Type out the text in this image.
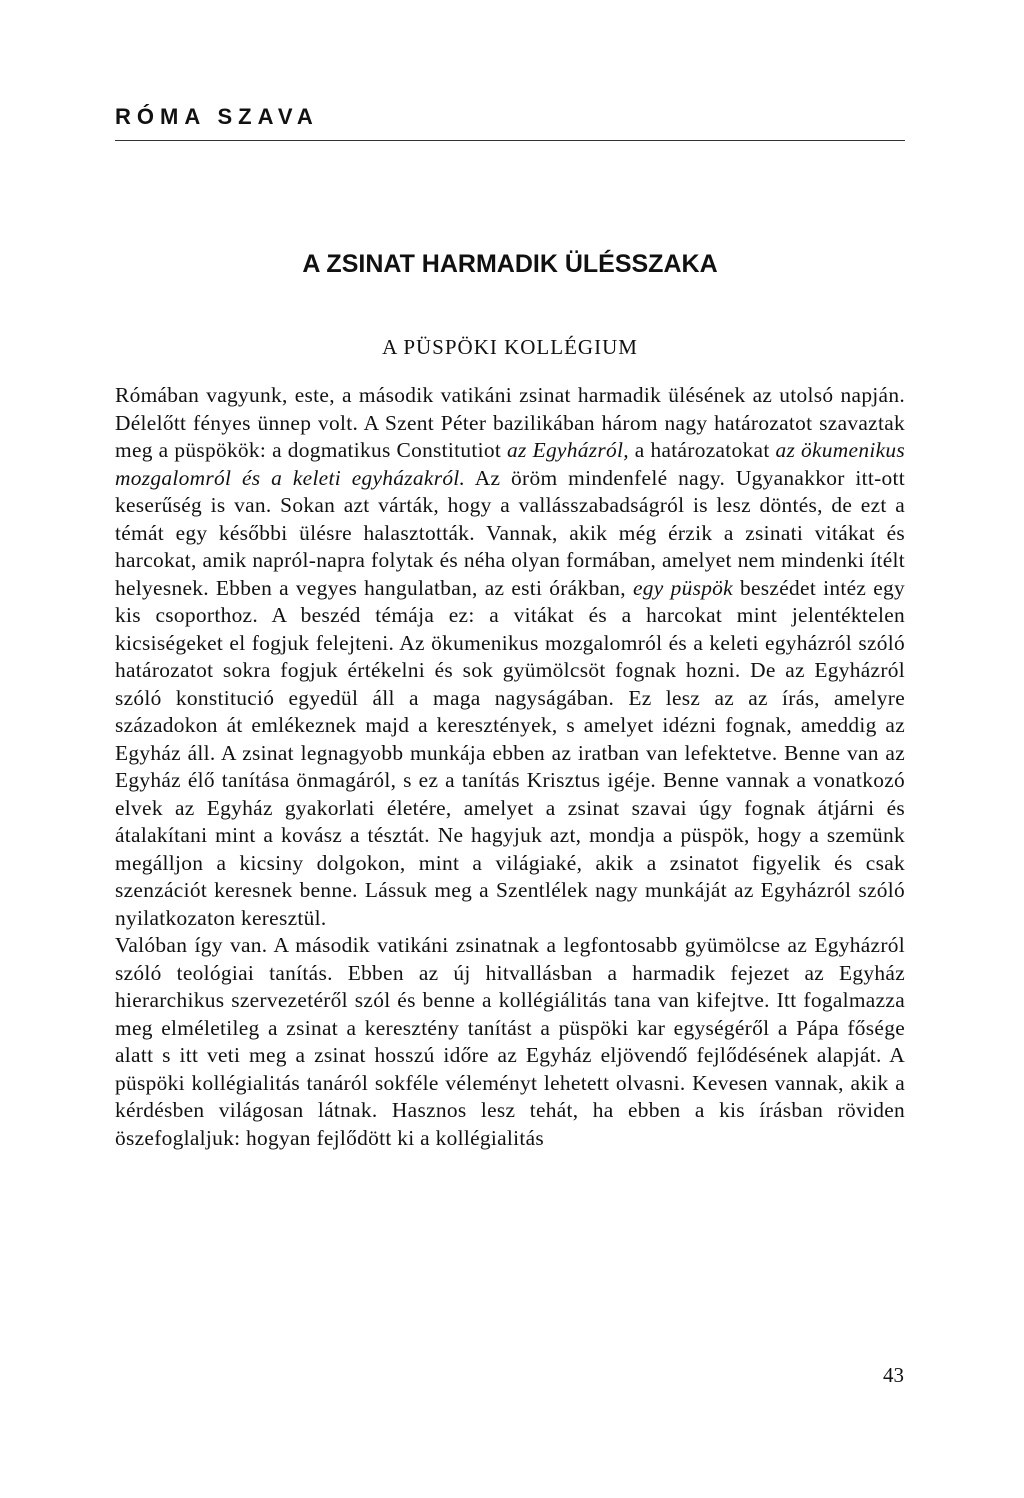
RÓMA SZAVA
A ZSINAT HARMADIK ÜLÉSSZAKA
A PÜSPÖKI KOLLÉGIUM

Rómában vagyunk, este, a második vatikáni zsinat harmadik ülésének az utolsó napján. Délelőtt fényes ünnep volt. A Szent Péter bazilikában három nagy határozatot szavaztak meg a püspökök: a dogmatikus Constitutiot az Egyházról, a határozatokat az ökumenikus mozgalomról és a keleti egyházakról. Az öröm mindenfelé nagy. Ugyanakkor itt-ott keserűség is van. Sokan azt várták, hogy a vallásszabadságról is lesz döntés, de ezt a témát egy későbbi ülésre halasztották. Vannak, akik még érzik a zsinati vitákat és harcokat, amik napról-napra folytak és néha olyan formában, amelyet nem mindenki ítélt helyesnek. Ebben a vegyes hangulatban, az esti órákban, egy püspök beszédet intéz egy kis csoporthoz. A beszéd témája ez: a vitákat és a harcokat mint jelentéktelen kicsiségeket el fogjuk felejteni. Az ökumenikus mozgalomról és a keleti egyházról szóló határozatot sokra fogjuk értékelni és sok gyümölcsöt fognak hozni. De az Egyházról szóló konstitució egyedül áll a maga nagyságában. Ez lesz az az írás, amelyre századokon át emlékeznek majd a keresztények, s amelyet idézni fognak, ameddig az Egyház áll. A zsinat legnagyobb munkája ebben az iratban van lefektetve. Benne van az Egyház élő tanítása önmagáról, s ez a tanítás Krisztus igéje. Benne vannak a vonatkozó elvek az Egyház gyakorlati életére, amelyet a zsinat szavai úgy fognak átjárni és átalakítani mint a kovász a tésztát. Ne hagyjuk azt, mondja a püspök, hogy a szemünk megálljon a kicsiny dolgokon, mint a világiaké, akik a zsinatot figyelik és csak szenzációt keresnek benne. Lássuk meg a Szentlélek nagy munkáját az Egyházról szóló nyilatkozaton keresztül.

Valóban így van. A második vatikáni zsinatnak a legfontosabb gyümölcse az Egyházról szóló teológiai tanítás. Ebben az új hitvallásban a harmadik fejezet az Egyház hierarchikus szervezetéről szól és benne a kollégiálitás tana van kifejtve. Itt fogalmazza meg elméletileg a zsinat a keresztény tanítást a püspöki kar egységéről a Pápa fősége alatt s itt veti meg a zsinat hosszú időre az Egyház eljövendő fejlődésének alapját. A püspöki kollégialitás tanáról sokféle véleményt lehetett olvasni. Kevesen vannak, akik a kérdésben világosan látnak. Hasznos lesz tehát, ha ebben a kis írásban röviden öszefoglaljuk: hogyan fejlődött ki a kollégialitás

43
